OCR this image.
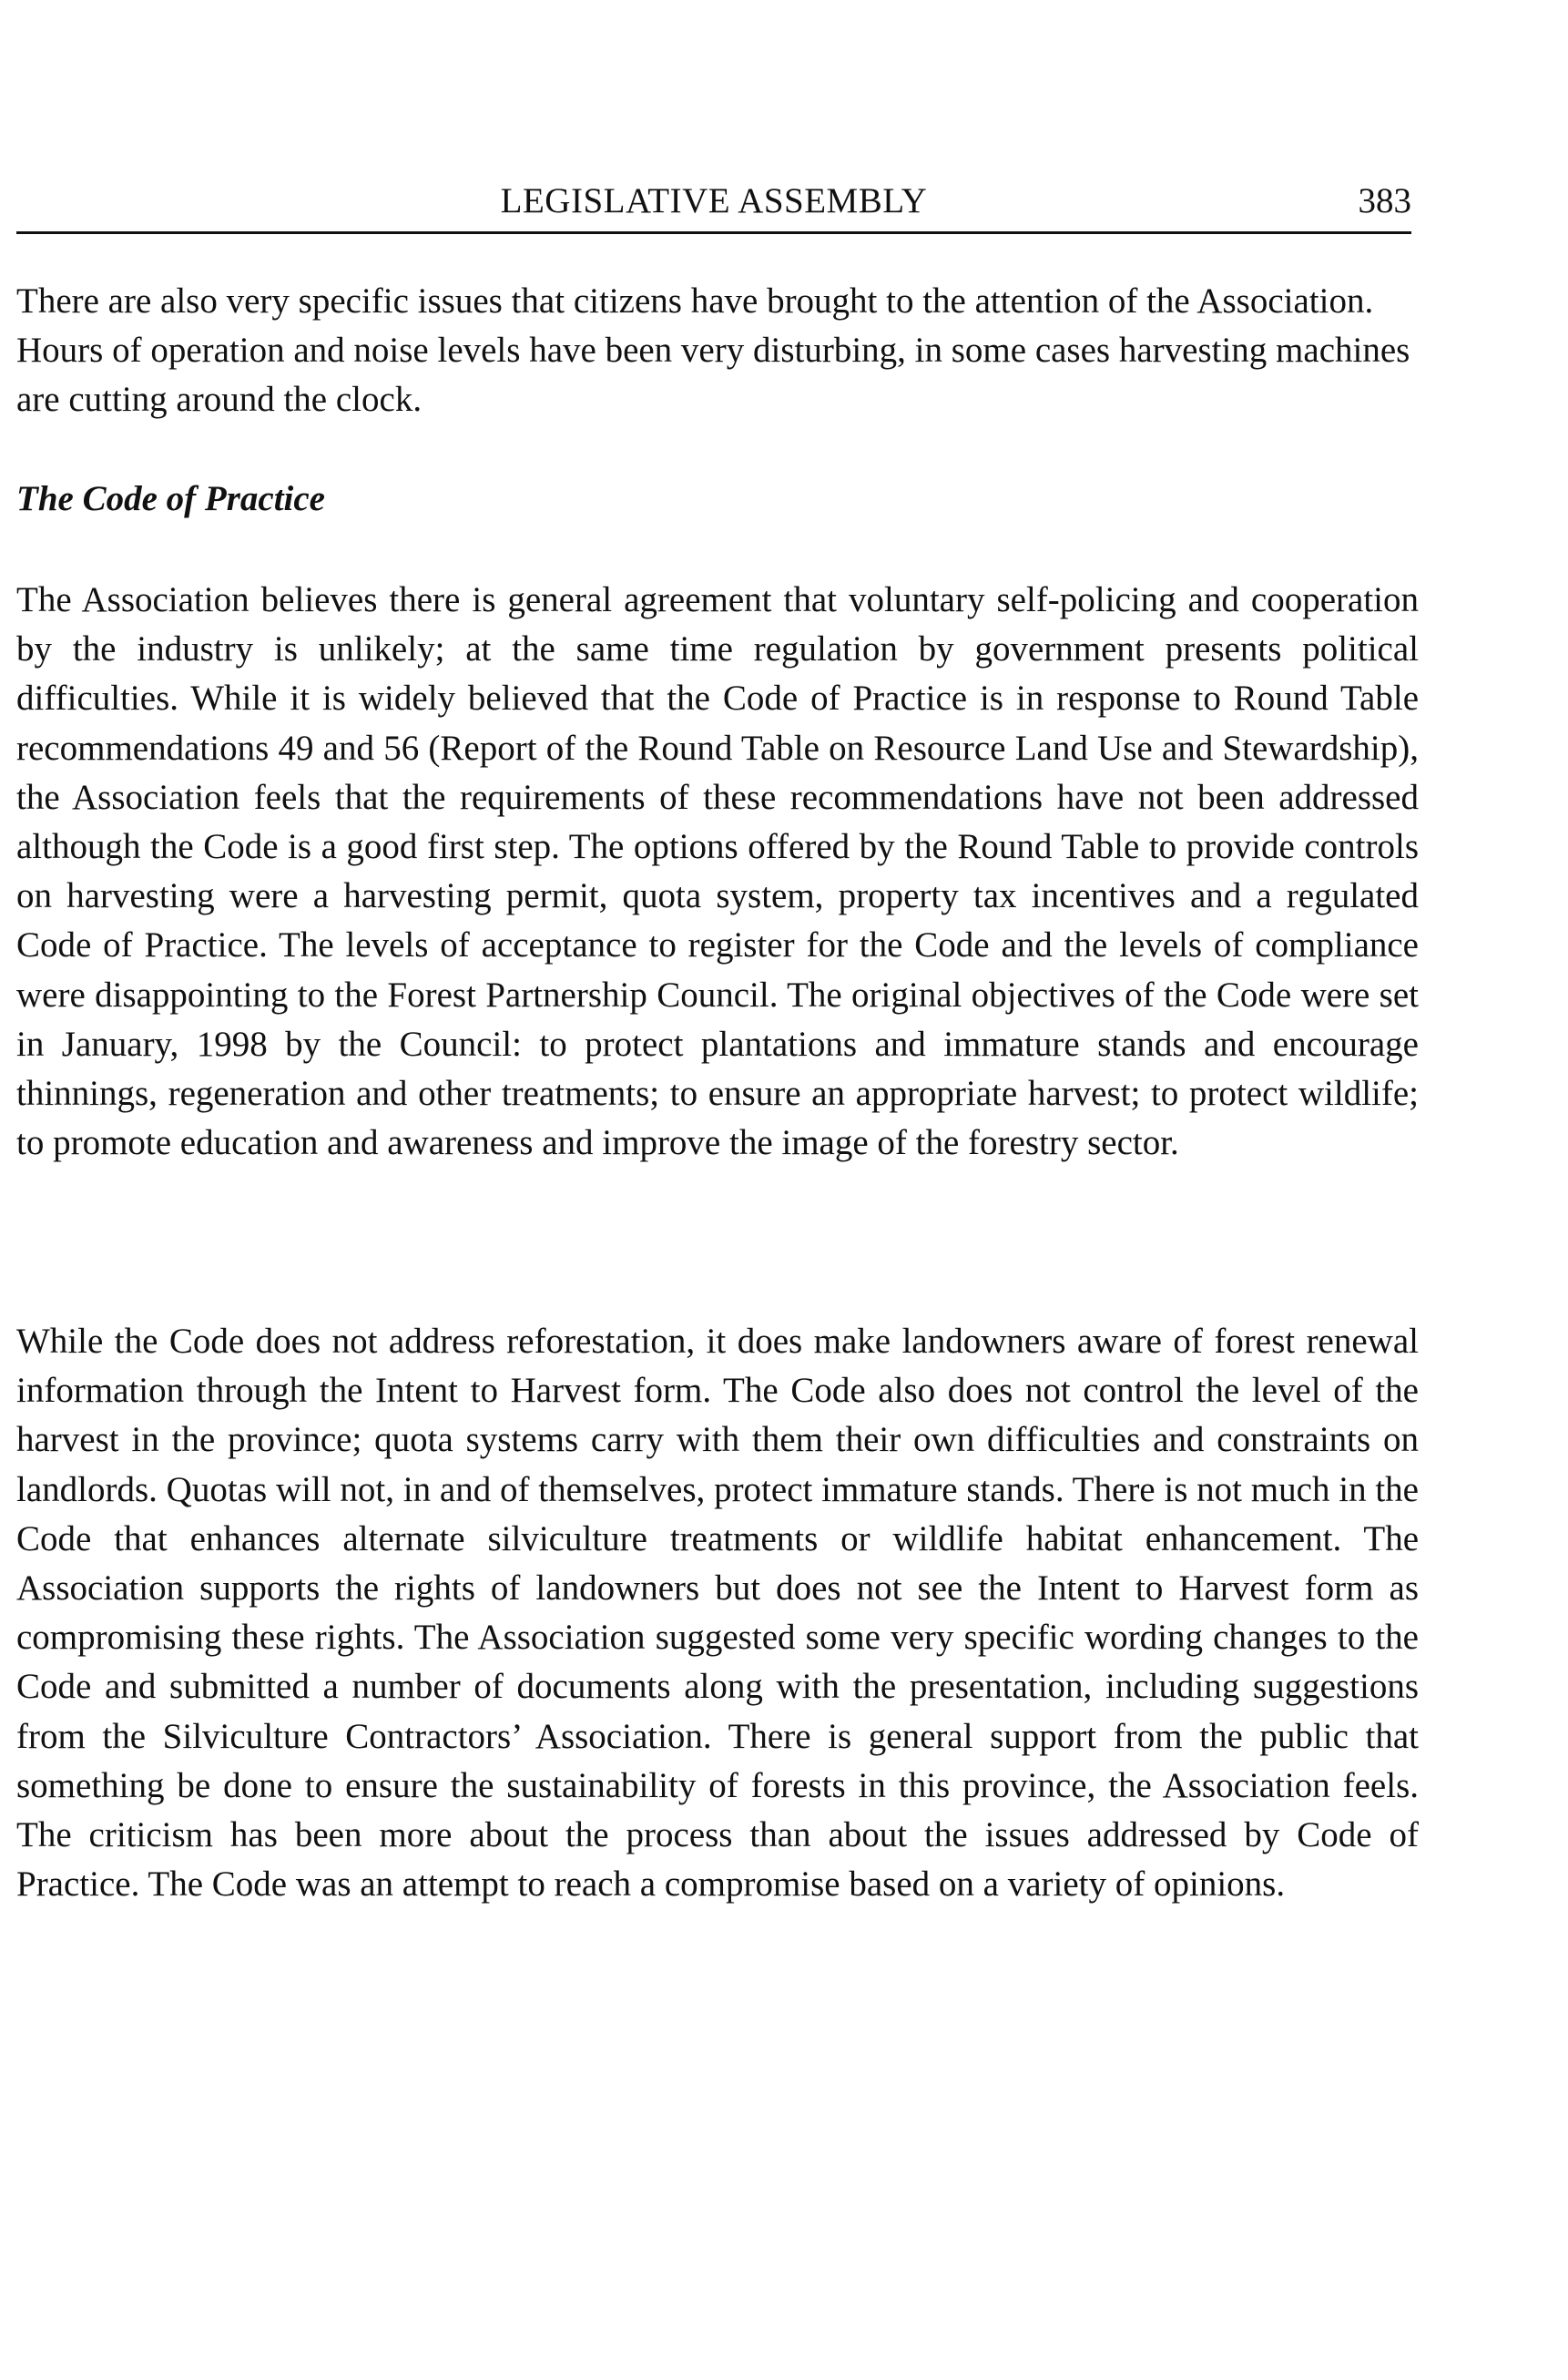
LEGISLATIVE ASSEMBLY	383

There are also very specific issues that citizens have brought to the attention of the Association. Hours of operation and noise levels have been very disturbing, in some cases harvesting machines are cutting around the clock.

The Code of Practice

The Association believes there is general agreement that voluntary self-policing and cooperation by the industry is unlikely; at the same time regulation by government presents political difficulties. While it is widely believed that the Code of Practice is in response to Round Table recommendations 49 and 56 (Report of the Round Table on Resource Land Use and Stewardship), the Association feels that the requirements of these recommendations have not been addressed although the Code is a good first step. The options offered by the Round Table to provide controls on harvesting were a harvesting permit, quota system, property tax incentives and a regulated Code of Practice. The levels of acceptance to register for the Code and the levels of compliance were disappointing to the Forest Partnership Council. The original objectives of the Code were set in January, 1998 by the Council: to protect plantations and immature stands and encourage thinnings, regeneration and other treatments; to ensure an appropriate harvest; to protect wildlife; to promote education and awareness and improve the image of the forestry sector.

While the Code does not address reforestation, it does make landowners aware of forest renewal information through the Intent to Harvest form. The Code also does not control the level of the harvest in the province; quota systems carry with them their own difficulties and constraints on landlords. Quotas will not, in and of themselves, protect immature stands. There is not much in the Code that enhances alternate silviculture treatments or wildlife habitat enhancement. The Association supports the rights of landowners but does not see the Intent to Harvest form as compromising these rights. The Association suggested some very specific wording changes to the Code and submitted a number of documents along with the presentation, including suggestions from the Silviculture Contractors’ Association. There is general support from the public that something be done to ensure the sustainability of forests in this province, the Association feels. The criticism has been more about the process than about the issues addressed by Code of Practice. The Code was an attempt to reach a compromise based on a variety of opinions.
